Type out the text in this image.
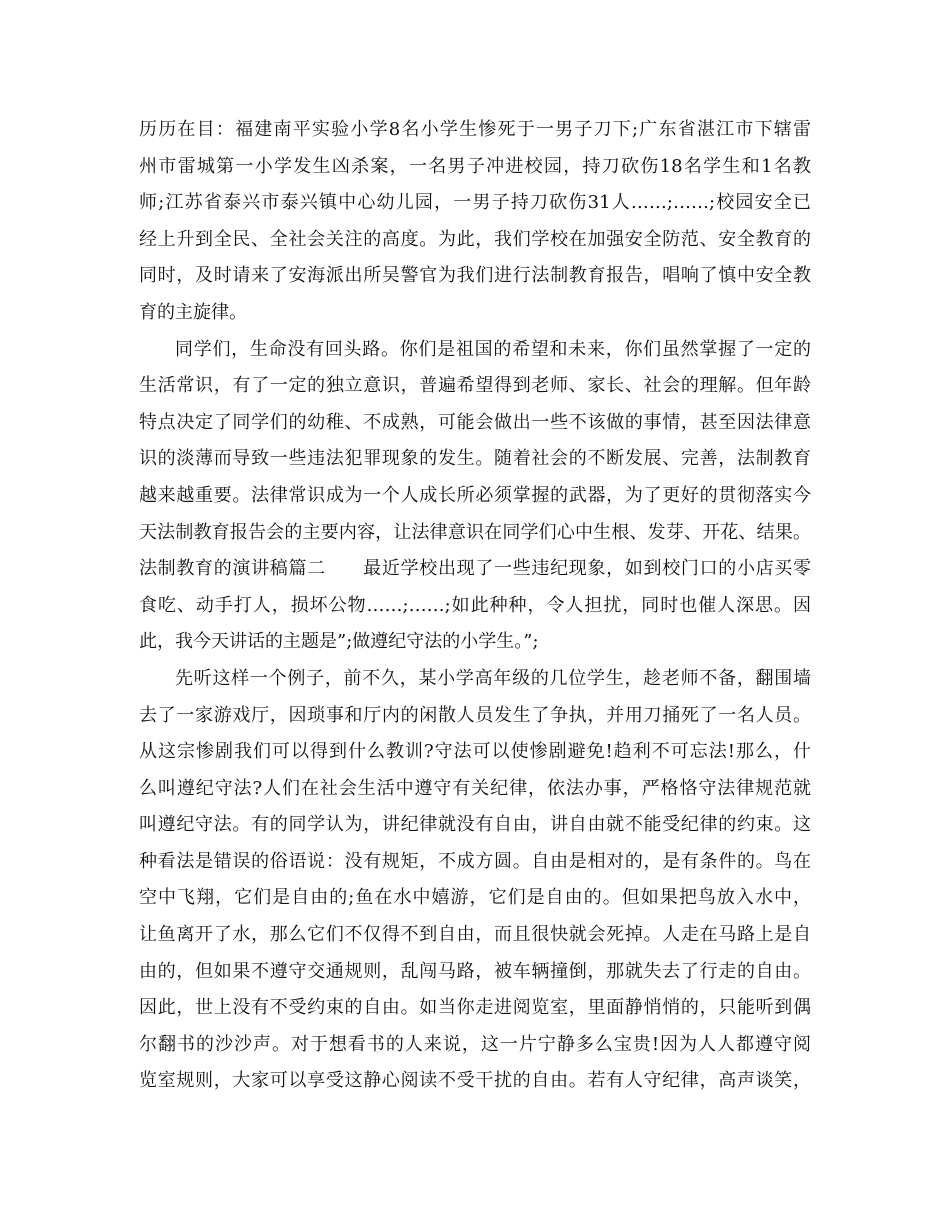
历历在目：福建南平实验小学8名小学生惨死于一男子刀下;广东省湛江市下辖雷
州市雷城第一小学发生凶杀案，一名男子冲进校园，持刀砍伤18名学生和1名教
师;江苏省泰兴市泰兴镇中心幼儿园，一男子持刀砍伤31人……;……;校园安全已
经上升到全民、全社会关注的高度。为此，我们学校在加强安全防范、安全教育的
同时，及时请来了安海派出所吴警官为我们进行法制教育报告，唱响了慎中安全教
育的主旋律。
同学们，生命没有回头路。你们是祖国的希望和未来，你们虽然掌握了一定的
生活常识，有了一定的独立意识，普遍希望得到老师、家长、社会的理解。但年龄
特点决定了同学们的幼稚、不成熟，可能会做出一些不该做的事情，甚至因法律意
识的淡薄而导致一些违法犯罪现象的发生。随着社会的不断发展、完善，法制教育
越来越重要。法律常识成为一个人成长所必须掌握的武器，为了更好的贯彻落实今
天法制教育报告会的主要内容，让法律意识在同学们心中生根、发芽、开花、结果。
法制教育的演讲稿篇二　　最近学校出现了一些违纪现象，如到校门口的小店买零
食吃、动手打人，损坏公物……;……;如此种种，令人担扰，同时也催人深思。因
此，我今天讲话的主题是”;做遵纪守法的小学生。”;
先听这样一个例子，前不久，某小学高年级的几位学生，趁老师不备，翻围墙
去了一家游戏厅，因琐事和厅内的闲散人员发生了争执，并用刀捅死了一名人员。
从这宗惨剧我们可以得到什么教训?守法可以使惨剧避免!趋利不可忘法!那么，什
么叫遵纪守法?人们在社会生活中遵守有关纪律，依法办事，严格恪守法律规范就
叫遵纪守法。有的同学认为，讲纪律就没有自由，讲自由就不能受纪律的约束。这
种看法是错误的俗语说：没有规矩，不成方圆。自由是相对的，是有条件的。鸟在
空中飞翔，它们是自由的;鱼在水中嬉游，它们是自由的。但如果把鸟放入水中，
让鱼离开了水，那么它们不仅得不到自由，而且很快就会死掉。人走在马路上是自
由的，但如果不遵守交通规则，乱闯马路，被车辆撞倒，那就失去了行走的自由。
因此，世上没有不受约束的自由。如当你走进阅览室，里面静悄悄的，只能听到偶
尔翻书的沙沙声。对于想看书的人来说，这一片宁静多么宝贵!因为人人都遵守阅
览室规则，大家可以享受这静心阅读不受干扰的自由。若有人守纪律，高声谈笑，
